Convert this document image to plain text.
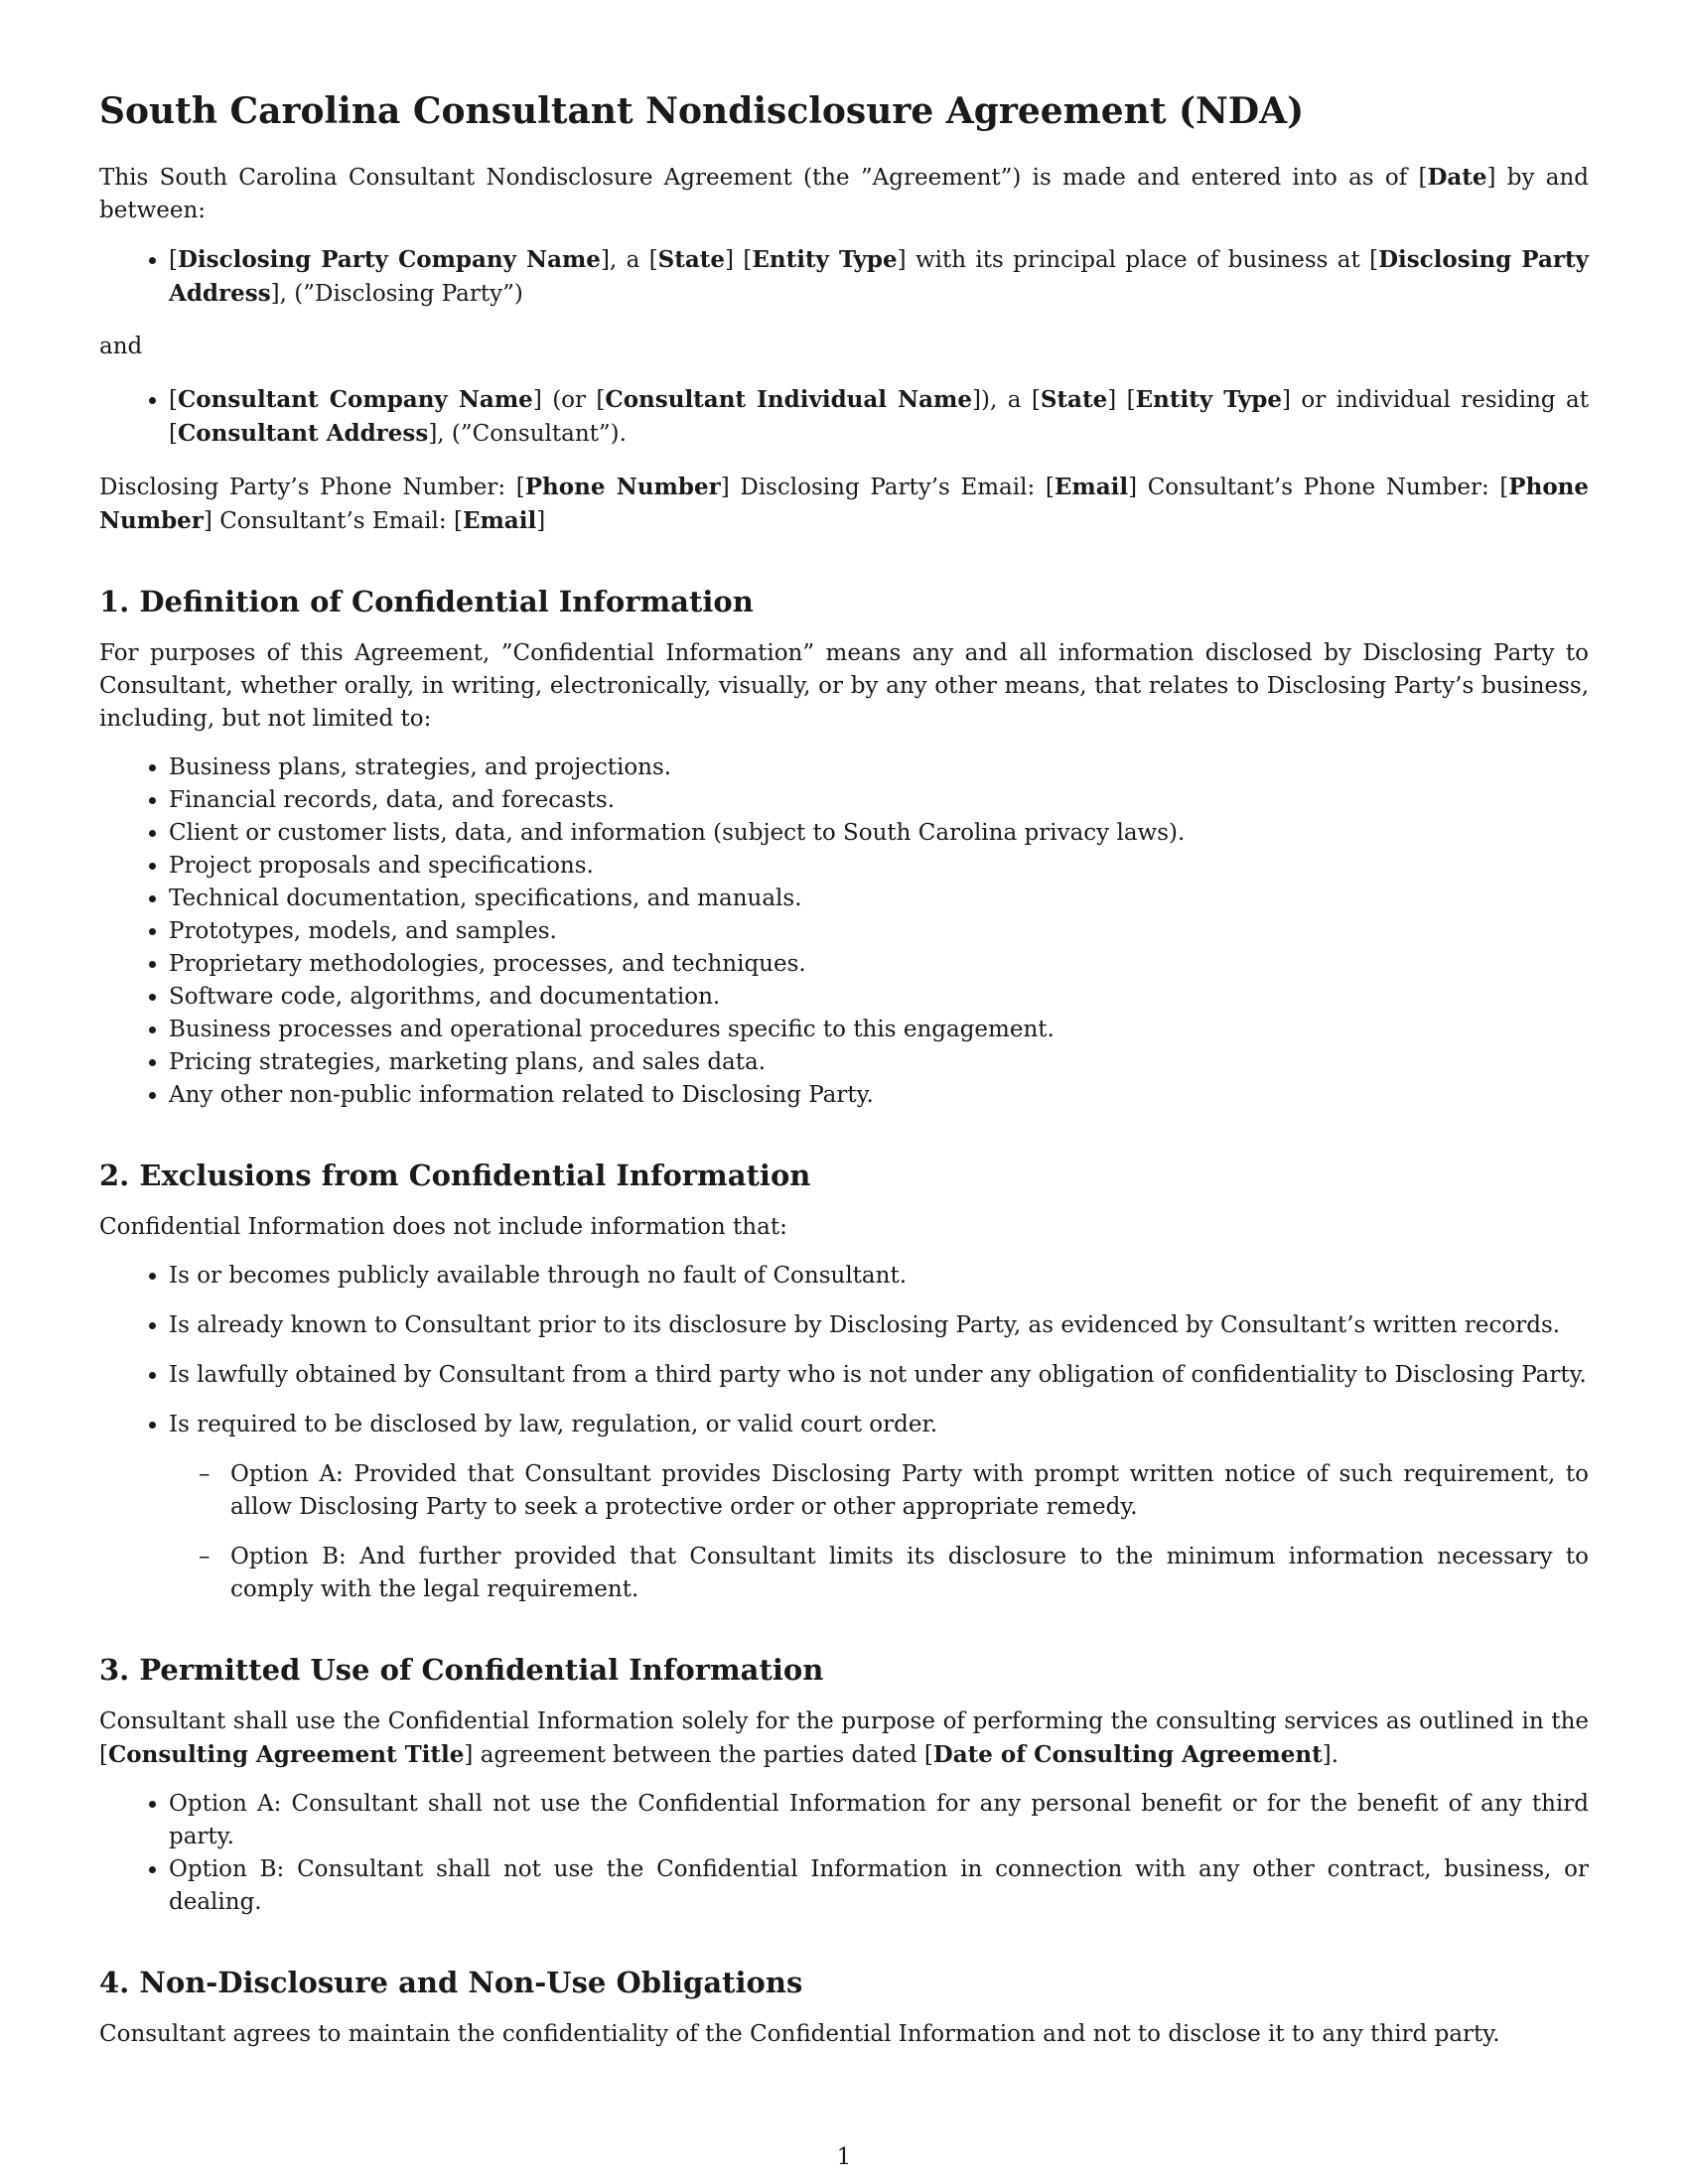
South Carolina Consultant Nondisclosure Agreement (NDA)

This South Carolina Consultant Nondisclosure Agreement (the ”Agreement”) is made and entered into as of [Date] by and between:

• [Disclosing Party Company Name], a [State] [Entity Type] with its principal place of business at [Disclosing Party Address], (”Disclosing Party”)

and

• [Consultant Company Name] (or [Consultant Individual Name]), a [State] [Entity Type] or individual residing at [Consultant Address], (”Consultant”).

Disclosing Party’s Phone Number: [Phone Number] Disclosing Party’s Email: [Email] Consultant’s Phone Number: [Phone Number] Consultant’s Email: [Email]

1. Definition of Confidential Information

For purposes of this Agreement, ”Confidential Information” means any and all information disclosed by Disclosing Party to Consultant, whether orally, in writing, electronically, visually, or by any other means, that relates to Disclosing Party’s business, including, but not limited to:

• Business plans, strategies, and projections.
• Financial records, data, and forecasts.
• Client or customer lists, data, and information (subject to South Carolina privacy laws).
• Project proposals and specifications.
• Technical documentation, specifications, and manuals.
• Prototypes, models, and samples.
• Proprietary methodologies, processes, and techniques.
• Software code, algorithms, and documentation.
• Business processes and operational procedures specific to this engagement.
• Pricing strategies, marketing plans, and sales data.
• Any other non-public information related to Disclosing Party.
2. Exclusions from Confidential Information

Confidential Information does not include information that:

• Is or becomes publicly available through no fault of Consultant.
• Is already known to Consultant prior to its disclosure by Disclosing Party, as evidenced by Consultant’s written records.
• Is lawfully obtained by Consultant from a third party who is not under any obligation of confidentiality to Disclosing Party.
• Is required to be disclosed by law, regulation, or valid court order.
– Option A: Provided that Consultant provides Disclosing Party with prompt written notice of such requirement, to allow Disclosing Party to seek a protective order or other appropriate remedy.
– Option B: And further provided that Consultant limits its disclosure to the minimum information necessary to comply with the legal requirement.
3. Permitted Use of Confidential Information

Consultant shall use the Confidential Information solely for the purpose of performing the consulting services as outlined in the [Consulting Agreement Title] agreement between the parties dated [Date of Consulting Agreement].

• Option A: Consultant shall not use the Confidential Information for any personal benefit or for the benefit of any third party.
• Option B: Consultant shall not use the Confidential Information in connection with any other contract, business, or dealing.
4. Non-Disclosure and Non-Use Obligations

Consultant agrees to maintain the confidentiality of the Confidential Information and not to disclose it to any third party.

1
